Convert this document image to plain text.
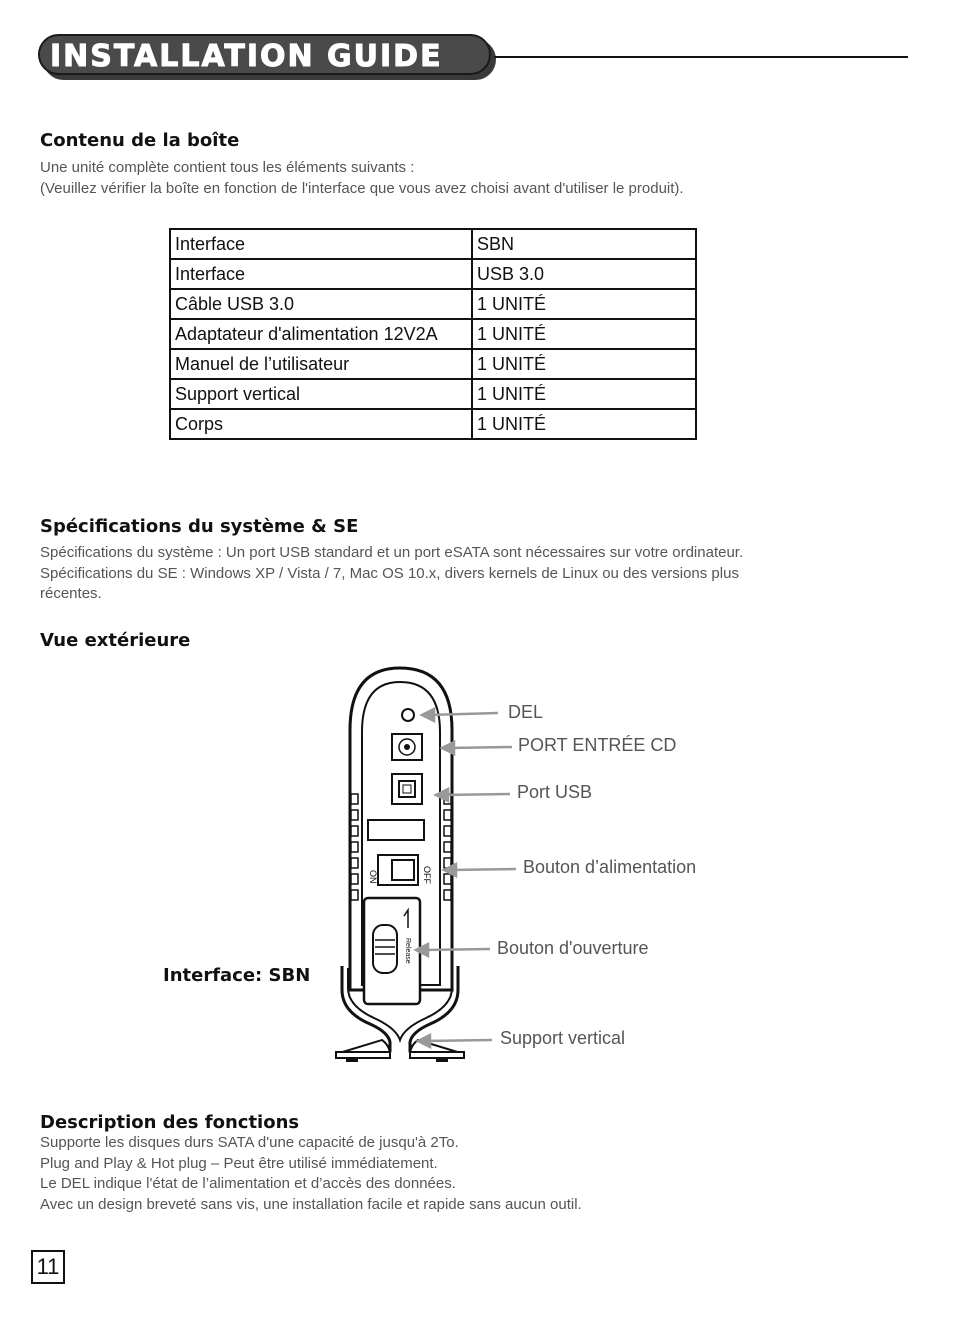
INSTALLATION GUIDE
Contenu de la boîte
Une unité complète contient tous les éléments suivants :
(Veuillez vérifier la boîte en fonction de l'interface que vous avez choisi avant d'utiliser le produit).
Interface	SBN
Interface	USB 3.0
Câble USB 3.0	1 UNITÉ
Adaptateur d'alimentation 12V2A	1 UNITÉ
Manuel de l’utilisateur	1 UNITÉ
Support vertical	1 UNITÉ
Corps	1 UNITÉ
Spécifications du système & SE
Spécifications du système : Un port USB standard et un port eSATA sont nécessaires sur votre ordinateur.
Spécifications du SE : Windows XP / Vista / 7, Mac OS 10.x, divers kernels de Linux ou des versions plus
récentes.
Vue extérieure
ON	OFF
Release
DEL
PORT ENTRÉE CD
Port USB
Bouton d’alimentation
Bouton d'ouverture
Support vertical
Interface: SBN
Description des fonctions
Supporte les disques durs SATA d'une capacité de jusqu'à 2To.
Plug and Play & Hot plug – Peut être utilisé immédiatement.
Le DEL indique l'état de l’alimentation et d’accès des données.
Avec un design breveté sans vis, une installation facile et rapide sans aucun outil.
11
